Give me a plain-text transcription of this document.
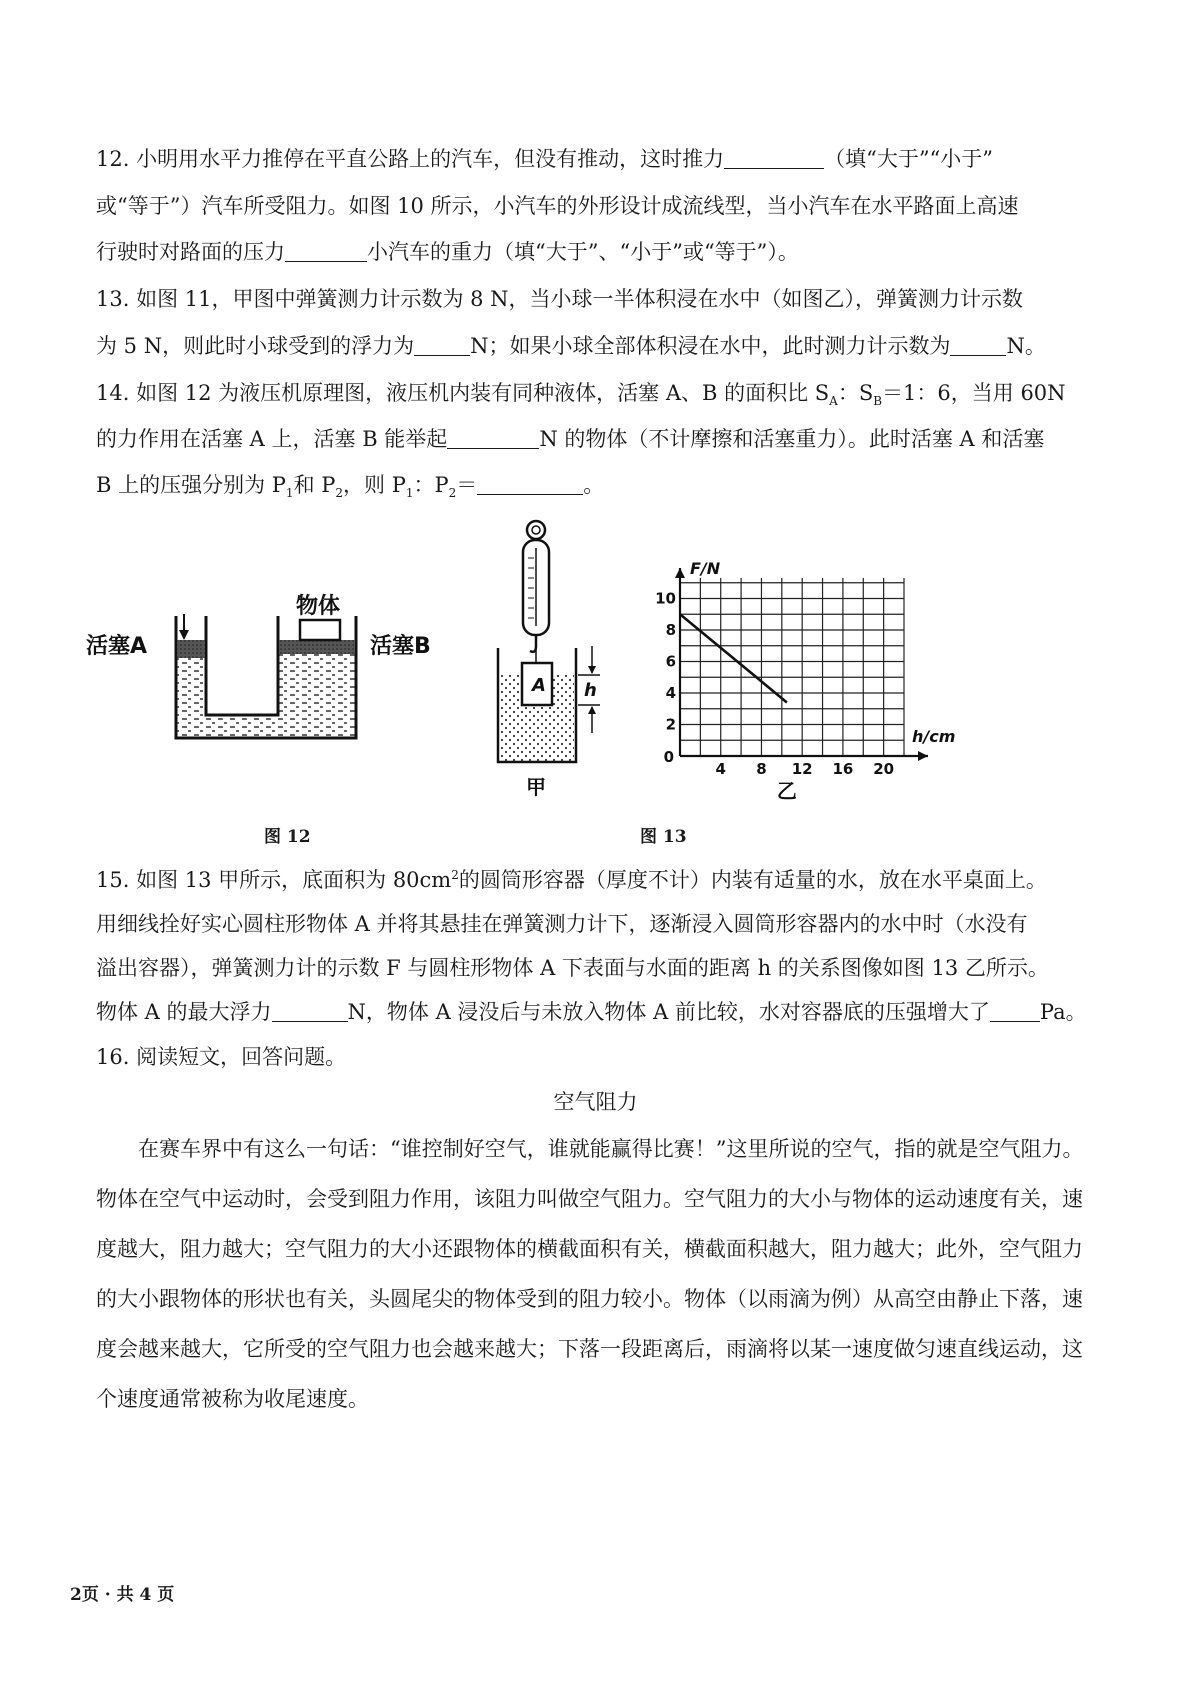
12. 小明用水平力推停在平直公路上的汽车，但没有推动，这时推力	（填“大于”“小于”
或“等于”）汽车所受阻力。如图 10 所示，小汽车的外形设计成流线型，当小汽车在水平路面上高速
行驶时对路面的压力	小汽车的重力（填“大于”、“小于”或“等于”）。
13. 如图 11，甲图中弹簧测力计示数为 8 N，当小球一半体积浸在水中（如图乙），弹簧测力计示数
为 5 N，则此时小球受到的浮力为	N；如果小球全部体积浸在水中，此时测力计示数为	N。
14. 如图 12 为液压机原理图，液压机内装有同种液体，活塞 A、B 的面积比 $S_A$：$S_B=1$：6，当用 60N
的力作用在活塞 A 上，活塞 B 能举起	N 的物体（不计摩擦和活塞重力）。此时活塞 A 和活塞
B 上的压强分别为 $P_1$和 $P_2$，则 $P_1$：$P_2=$	。
物体
活塞A	活塞B
图 12
A h
甲
4 8 12 16 20
2
4
6
8
10
0
h/cm
F/N
乙
图 13
15. 如图 13 甲所示，底面积为 $80cm^2$的圆筒形容器（厚度不计）内装有适量的水，放在水平桌面上。
用细线拴好实心圆柱形物体 A 并将其悬挂在弹簧测力计下，逐渐浸入圆筒形容器内的水中时（水没有
溢出容器），弹簧测力计的示数 F 与圆柱形物体 A 下表面与水面的距离 h 的关系图像如图 13 乙所示。
物体 A 的最大浮力	N，物体 A 浸没后与未放入物体 A 前比较，水对容器底的压强增大了 Pa。
16. 阅读短文，回答问题。
空气阻力
在赛车界中有这么一句话：“谁控制好空气，谁就能赢得比赛！”这里所说的空气，指的就是空气阻力。物体在空气中运动时，会受到阻力作用，该阻力叫做空气阻力。空气阻力的大小与物体的运动速度有关，速度越大，阻力越大；空气阻力的大小还跟物体的横截面积有关，横截面积越大，阻力越大；此外，空气阻力的大小跟物体的形状也有关，头圆尾尖的物体受到的阻力较小。物体（以雨滴为例）从高空由静止下落，速度会越来越大，它所受的空气阻力也会越来越大；下落一段距离后，雨滴将以某一速度做匀速直线运动，这个速度通常被称为收尾速度。
2页 · 共 4 页
